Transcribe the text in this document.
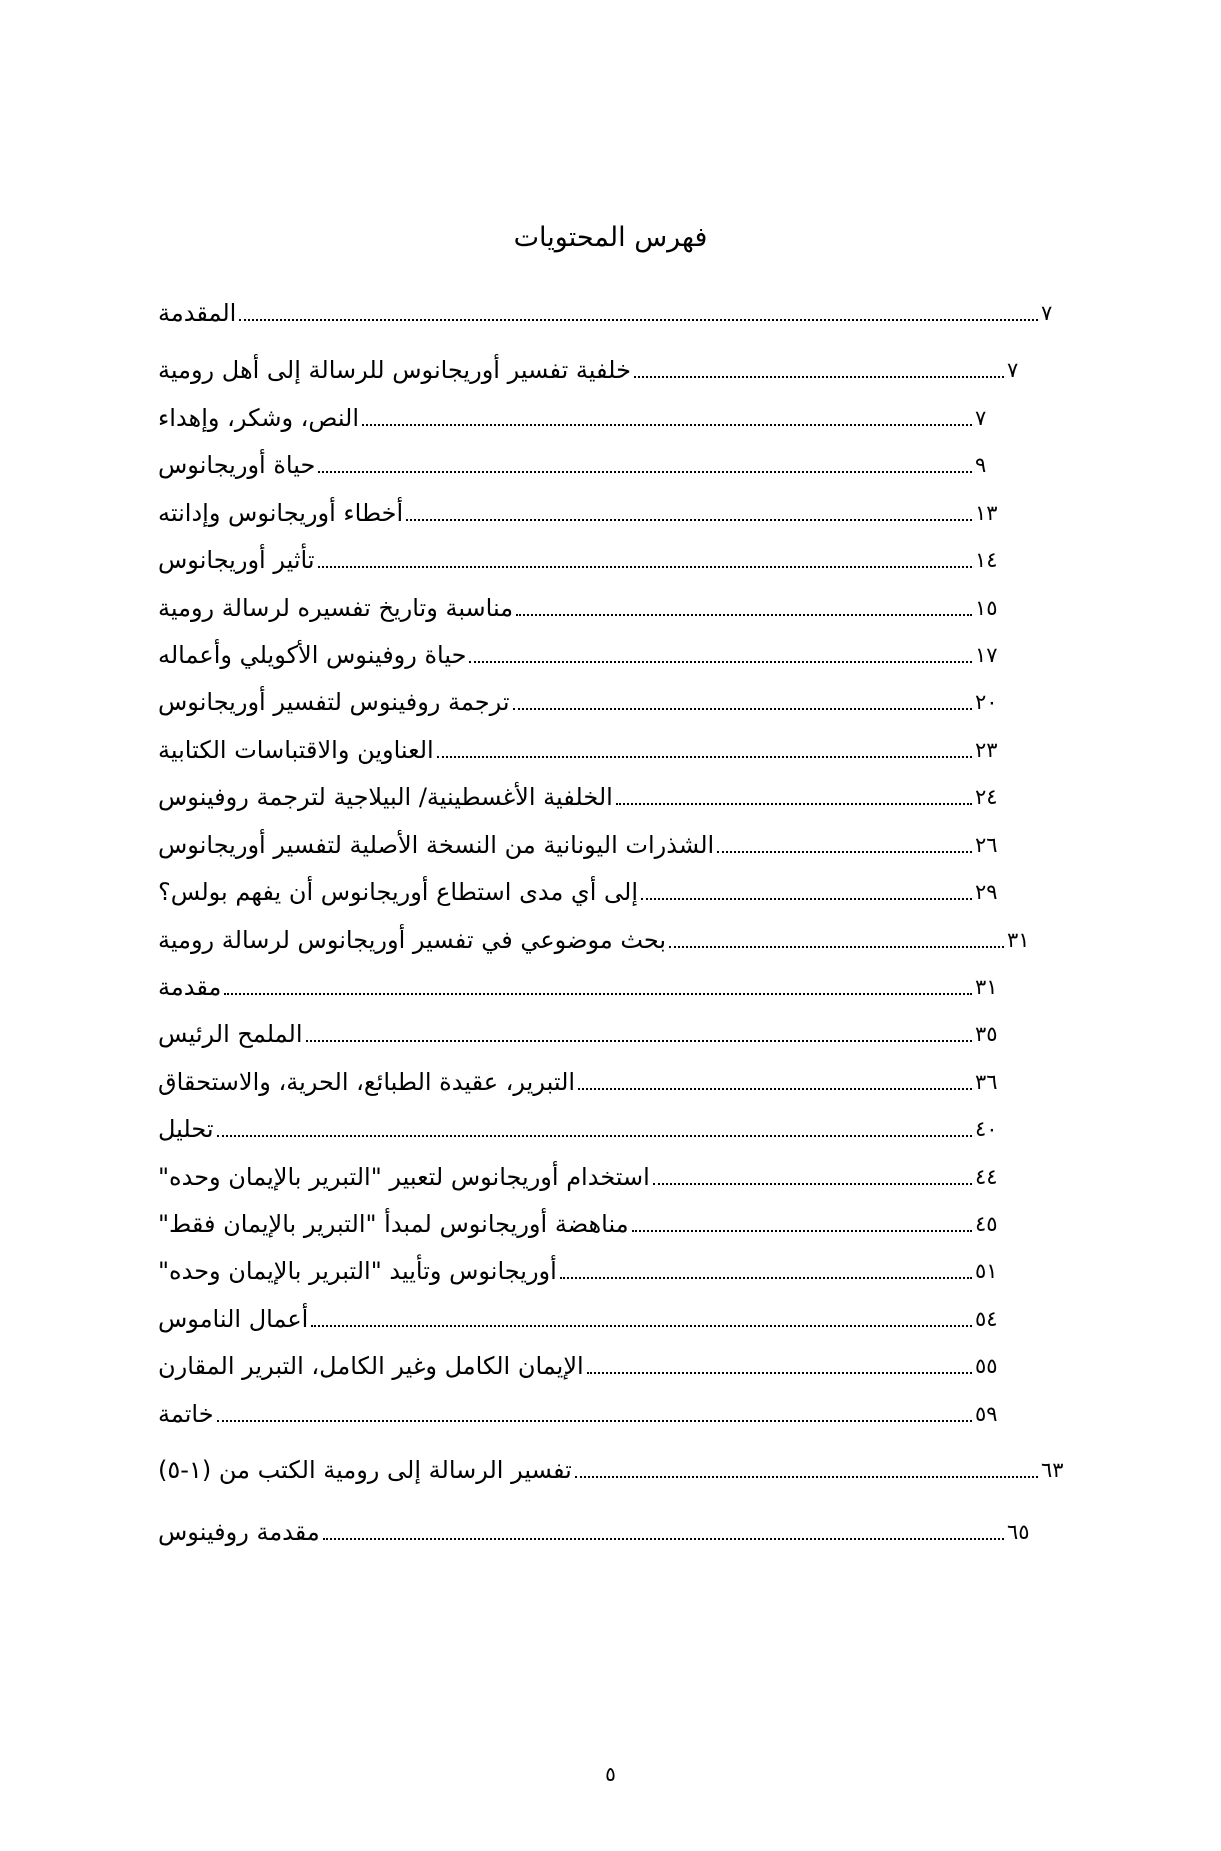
فهرس المحتويات
المقدمة	٧
خلفية تفسير أوريجانوس للرسالة إلى أهل رومية	٧
النص، وشكر، وإهداء	٧
حياة أوريجانوس	٩
أخطاء أوريجانوس وإدانته	١٣
تأثير أوريجانوس	١٤
مناسبة وتاريخ تفسيره لرسالة رومية	١٥
حياة روفينوس الأكويلي وأعماله	١٧
ترجمة روفينوس لتفسير أوريجانوس	٢٠
العناوين والاقتباسات الكتابية	٢٣
الخلفية الأغسطينية/ البيلاجية لترجمة روفينوس	٢٤
الشذرات اليونانية من النسخة الأصلية لتفسير أوريجانوس	٢٦
إلى أي مدى استطاع أوريجانوس أن يفهم بولس؟	٢٩
بحث موضوعي في تفسير أوريجانوس لرسالة رومية	٣١
مقدمة	٣١
الملمح الرئيس	٣٥
التبرير، عقيدة الطبائع، الحرية، والاستحقاق	٣٦
تحليل	٤٠
استخدام أوريجانوس لتعبير "التبرير بالإيمان وحده"	٤٤
مناهضة أوريجانوس لمبدأ "التبرير بالإيمان فقط"	٤٥
أوريجانوس وتأييد "التبرير بالإيمان وحده"	٥١
أعمال الناموس	٥٤
الإيمان الكامل وغير الكامل، التبرير المقارن	٥٥
خاتمة	٥٩
تفسير الرسالة إلى رومية الكتب من (١-٥)	٦٣
مقدمة روفينوس	٦٥
٥
